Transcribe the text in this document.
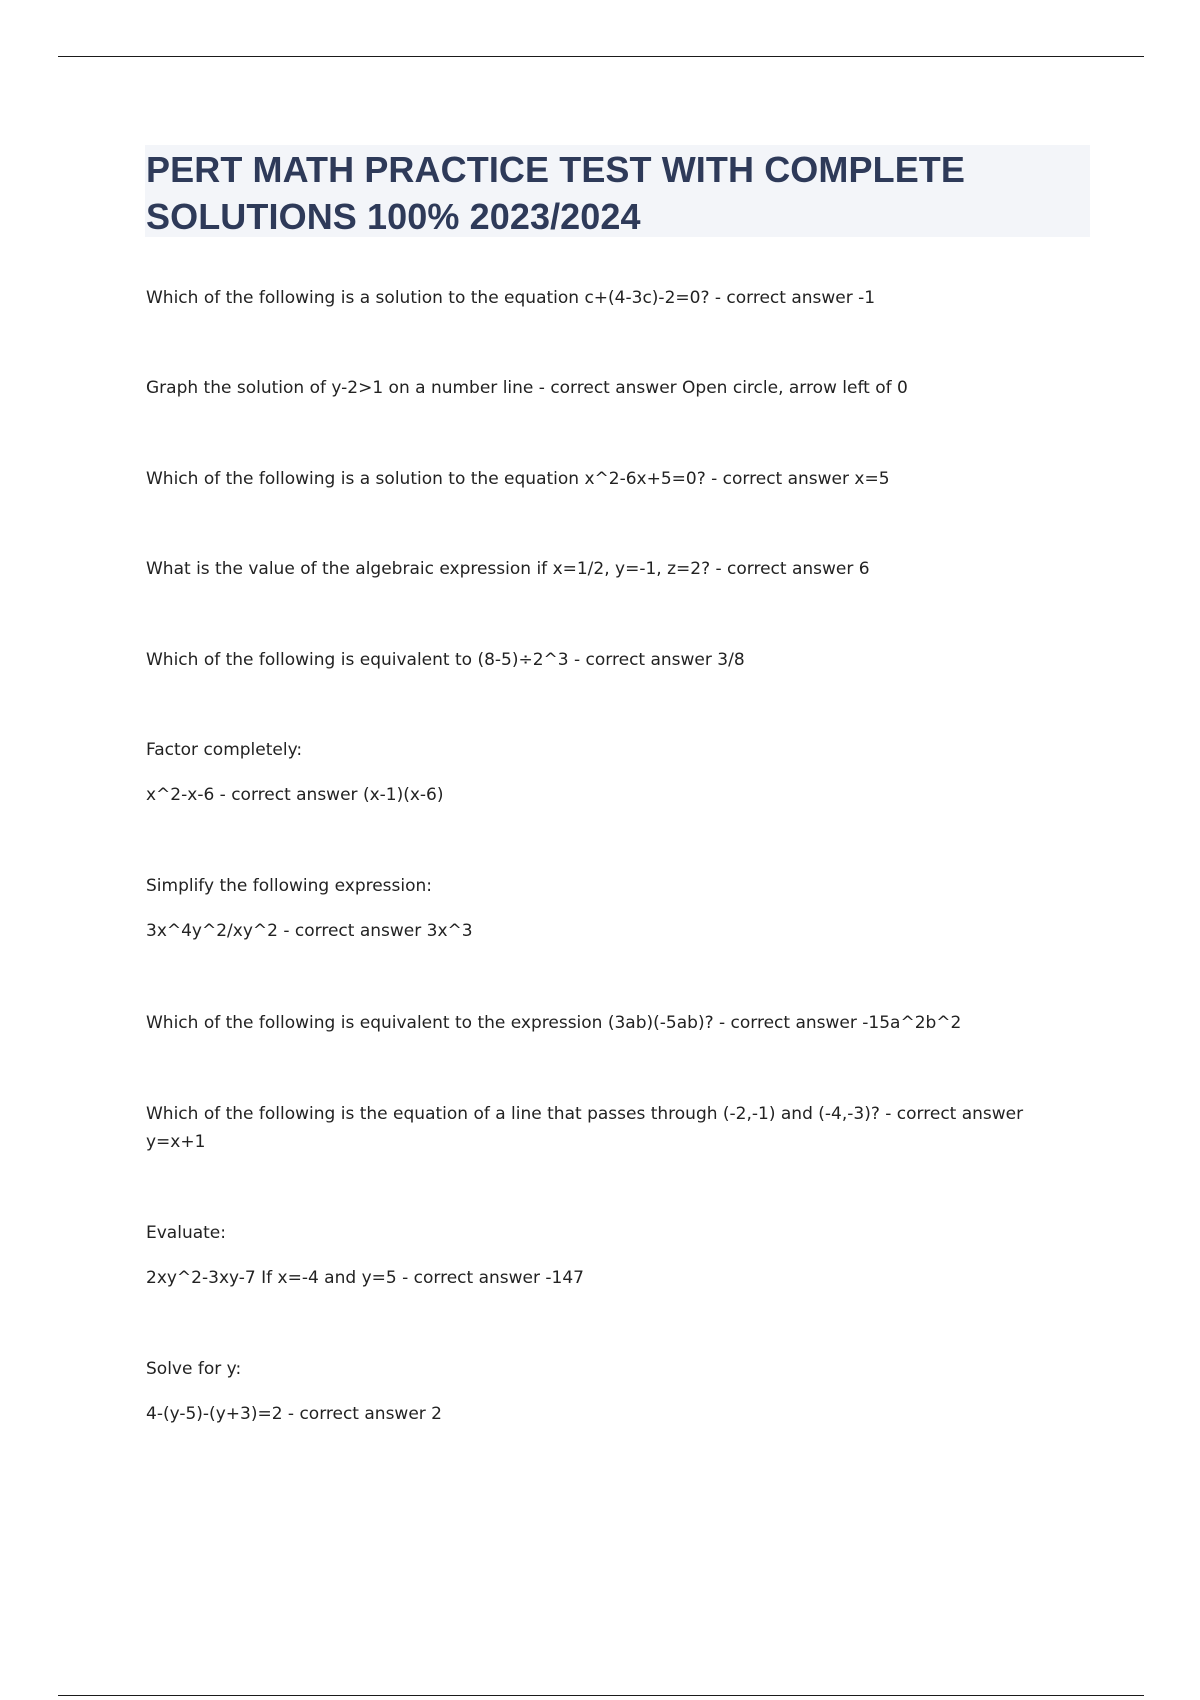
PERT MATH PRACTICE TEST WITH COMPLETE SOLUTIONS 100% 2023/2024

Which of the following is a solution to the equation c+(4-3c)-2=0? - correct answer -1

Graph the solution of y-2>1 on a number line - correct answer Open circle, arrow left of 0

Which of the following is a solution to the equation x^2-6x+5=0? - correct answer x=5

What is the value of the algebraic expression if x=1/2, y=-1, z=2? - correct answer 6

Which of the following is equivalent to (8-5)÷2^3 - correct answer 3/8

Factor completely:

x^2-x-6 - correct answer (x-1)(x-6)

Simplify the following expression:

3x^4y^2/xy^2 - correct answer 3x^3

Which of the following is equivalent to the expression (3ab)(-5ab)? - correct answer -15a^2b^2

Which of the following is the equation of a line that passes through (-2,-1) and (-4,-3)? - correct answer y=x+1

Evaluate:

2xy^2-3xy-7 If x=-4 and y=5 - correct answer -147

Solve for y:

4-(y-5)-(y+3)=2 - correct answer 2
